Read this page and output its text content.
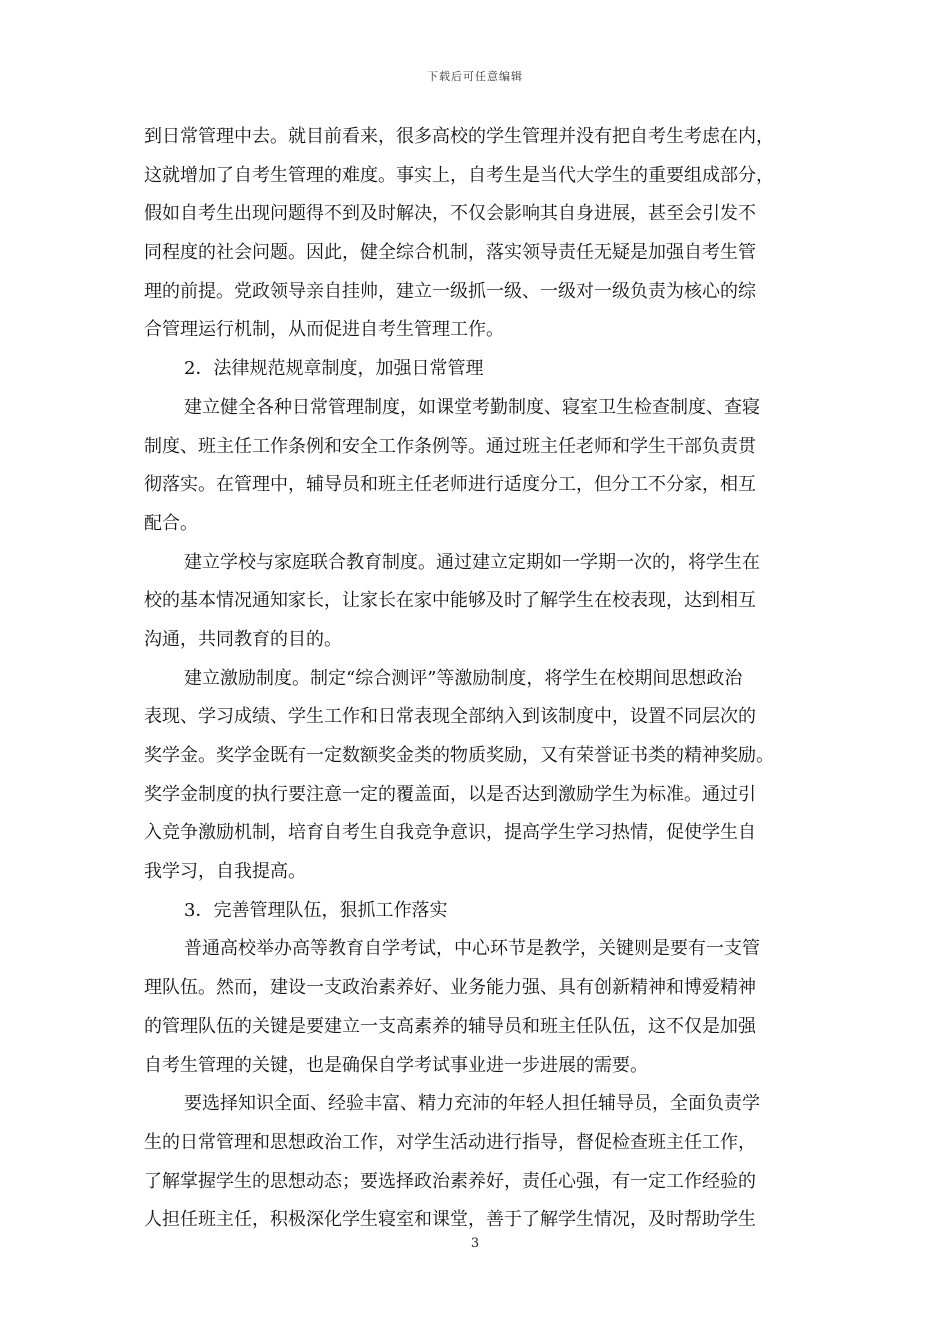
下载后可任意编辑
到日常管理中去。就目前看来，很多高校的学生管理并没有把自考生考虑在内，
这就增加了自考生管理的难度。事实上，自考生是当代大学生的重要组成部分，
假如自考生出现问题得不到及时解决，不仅会影响其自身进展，甚至会引发不
同程度的社会问题。因此，健全综合机制，落实领导责任无疑是加强自考生管
理的前提。党政领导亲自挂帅，建立一级抓一级、一级对一级负责为核心的综
合管理运行机制，从而促进自考生管理工作。
2．法律规范规章制度，加强日常管理
建立健全各种日常管理制度，如课堂考勤制度、寝室卫生检查制度、查寝
制度、班主任工作条例和安全工作条例等。通过班主任老师和学生干部负责贯
彻落实。在管理中，辅导员和班主任老师进行适度分工，但分工不分家，相互
配合。
建立学校与家庭联合教育制度。通过建立定期如一学期一次的，将学生在
校的基本情况通知家长，让家长在家中能够及时了解学生在校表现，达到相互
沟通，共同教育的目的。
建立激励制度。制定“综合测评”等激励制度，将学生在校期间思想政治
表现、学习成绩、学生工作和日常表现全部纳入到该制度中，设置不同层次的
奖学金。奖学金既有一定数额奖金类的物质奖励，又有荣誉证书类的精神奖励。
奖学金制度的执行要注意一定的覆盖面，以是否达到激励学生为标准。通过引
入竞争激励机制，培育自考生自我竞争意识，提高学生学习热情，促使学生自
我学习，自我提高。
3．完善管理队伍，狠抓工作落实
普通高校举办高等教育自学考试，中心环节是教学，关键则是要有一支管
理队伍。然而，建设一支政治素养好、业务能力强、具有创新精神和博爱精神
的管理队伍的关键是要建立一支高素养的辅导员和班主任队伍，这不仅是加强
自考生管理的关键，也是确保自学考试事业进一步进展的需要。
要选择知识全面、经验丰富、精力充沛的年轻人担任辅导员，全面负责学
生的日常管理和思想政治工作，对学生活动进行指导，督促检查班主任工作，
了解掌握学生的思想动态；要选择政治素养好，责任心强，有一定工作经验的
人担任班主任，积极深化学生寝室和课堂，善于了解学生情况，及时帮助学生
3
